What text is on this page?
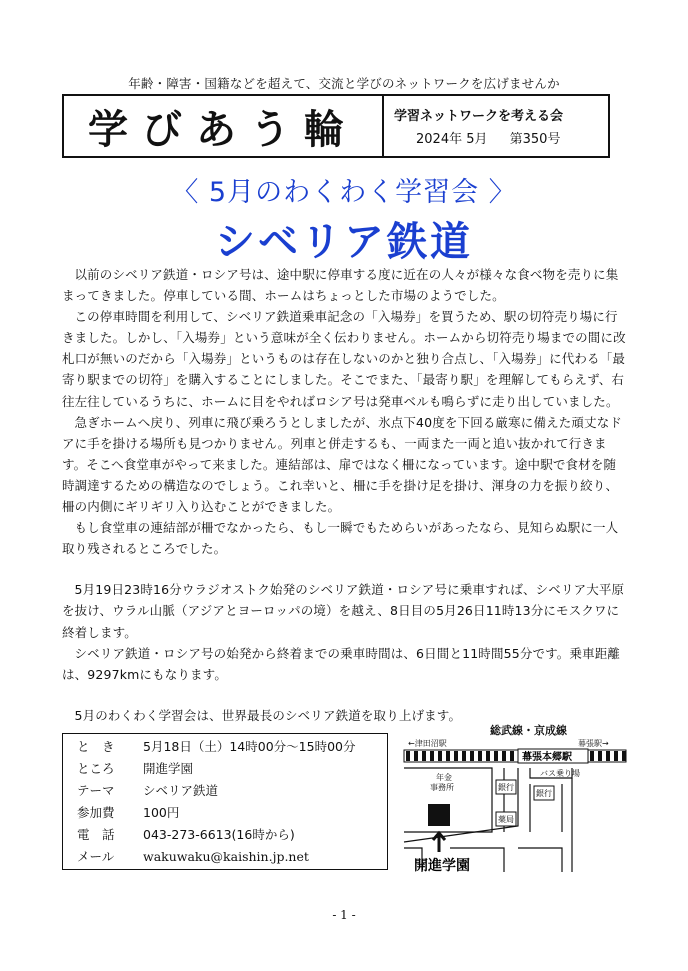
年齢・障害・国籍などを超えて、交流と学びのネットワークを広げませんか
学びあう輪	学習ネットワークを考える会
2024年 5月 第350号
〈 5月のわくわく学習会 〉
シベリア鉄道

以前のシベリア鉄道・ロシア号は、途中駅に停車する度に近在の人々が様々な食べ物を売りに集まってきました。停車している間、ホームはちょっとした市場のようでした。

この停車時間を利用して、シベリア鉄道乗車記念の「入場券」を買うため、駅の切符売り場に行きました。しかし、「入場券」という意味が全く伝わりません。ホームから切符売り場までの間に改札口が無いのだから「入場券」というものは存在しないのかと独り合点し、「入場券」に代わる「最寄り駅までの切符」を購入することにしました。そこでまた、「最寄り駅」を理解してもらえず、右往左往しているうちに、ホームに目をやればロシア号は発車ベルも鳴らずに走り出していました。

急ぎホームへ戻り、列車に飛び乗ろうとしましたが、氷点下40度を下回る厳寒に備えた頑丈なドアに手を掛ける場所も見つかりません。列車と併走するも、一両また一両と追い抜かれて行きます。そこへ食堂車がやって来ました。連結部は、扉ではなく柵になっています。途中駅で食材を随時調達するための構造なのでしょう。これ幸いと、柵に手を掛け足を掛け、渾身の力を振り絞り、柵の内側にギリギリ入り込むことができました。

もし食堂車の連結部が柵でなかったら、もし一瞬でもためらいがあったなら、見知らぬ駅に一人取り残されるところでした。

5月19日23時16分ウラジオストク始発のシベリア鉄道・ロシア号に乗車すれば、シベリア大平原を抜け、ウラル山脈（アジアとヨーロッパの境）を越え、8日目の5月26日11時13分にモスクワに終着します。

シベリア鉄道・ロシア号の始発から終着までの乗車時間は、6日間と11時間55分です。乗車距離は、9297kmにもなります。

5月のわくわく学習会は、世界最長のシベリア鉄道を取り上げます。

と　き 5月18日（土）14時00分～15時00分
ところ 開進学園
テーマ シベリア鉄道
参加費 100円
電　話 043-273-6613(16時から)
メール wakuwaku@kaishin.jp.net
総武線・京成線
←津田沼駅	幕張駅→
幕張本郷駅
年金
事務所
バス乗り場
銀行
銀行
薬局
開進学園
- 1 -
